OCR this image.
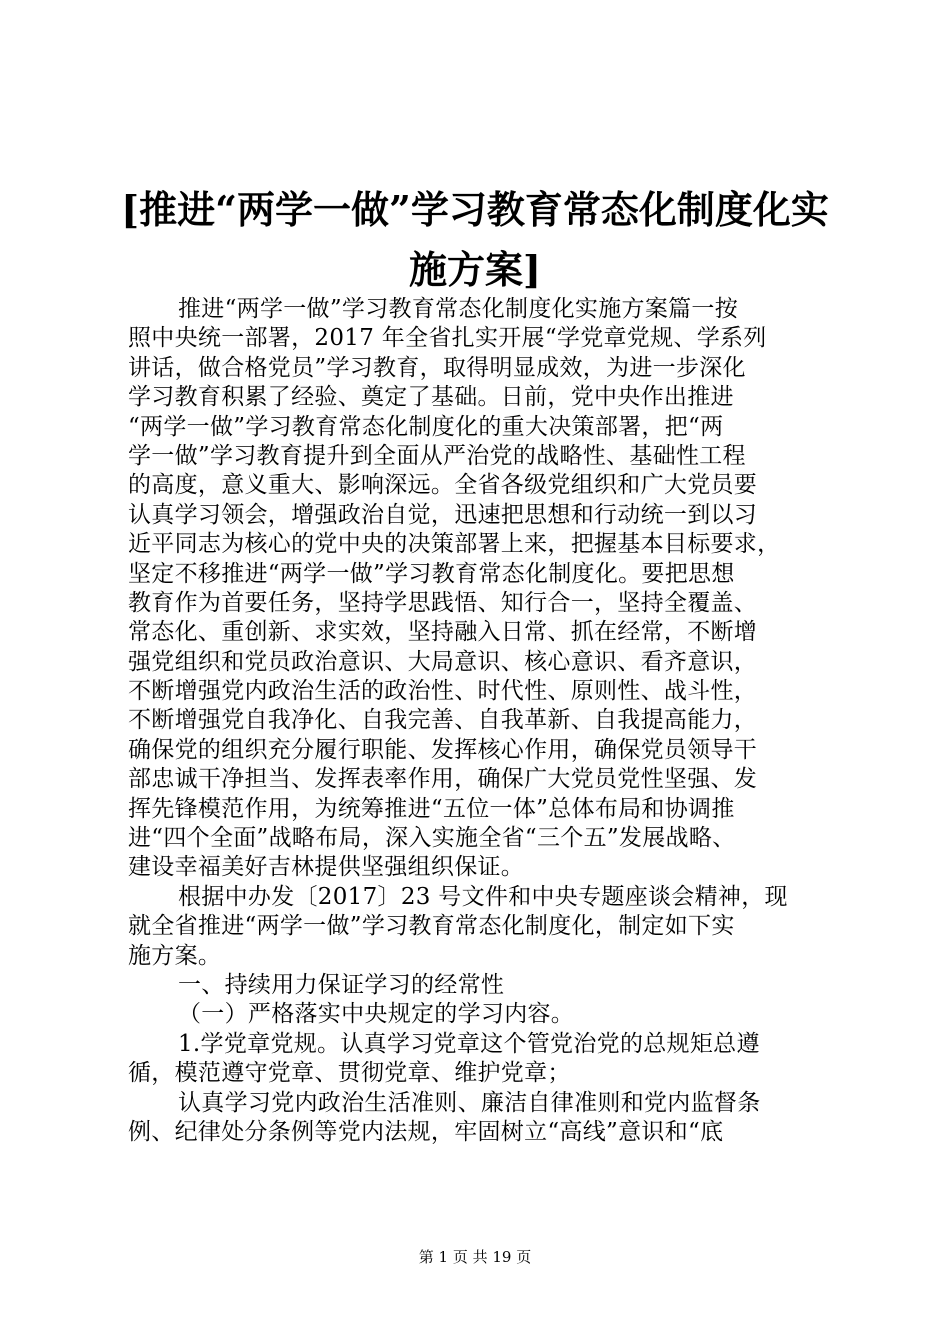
[推进“两学一做”学习教育常态化制度化实
施方案]
推进“两学一做”学习教育常态化制度化实施方案篇一按
照中央统一部署，2017 年全省扎实开展“学党章党规、学系列
讲话，做合格党员”学习教育，取得明显成效，为进一步深化
学习教育积累了经验、奠定了基础。日前，党中央作出推进
“两学一做”学习教育常态化制度化的重大决策部署，把“两
学一做”学习教育提升到全面从严治党的战略性、基础性工程
的高度，意义重大、影响深远。全省各级党组织和广大党员要
认真学习领会，增强政治自觉，迅速把思想和行动统一到以习
近平同志为核心的党中央的决策部署上来，把握基本目标要求，
坚定不移推进“两学一做”学习教育常态化制度化。要把思想
教育作为首要任务，坚持学思践悟、知行合一，坚持全覆盖、
常态化、重创新、求实效，坚持融入日常、抓在经常，不断增
强党组织和党员政治意识、大局意识、核心意识、看齐意识，
不断增强党内政治生活的政治性、时代性、原则性、战斗性，
不断增强党自我净化、自我完善、自我革新、自我提高能力，
确保党的组织充分履行职能、发挥核心作用，确保党员领导干
部忠诚干净担当、发挥表率作用，确保广大党员党性坚强、发
挥先锋模范作用，为统筹推进“五位一体”总体布局和协调推
进“四个全面”战略布局，深入实施全省“三个五”发展战略、
建设幸福美好吉林提供坚强组织保证。
根据中办发〔2017〕23 号文件和中央专题座谈会精神，现
就全省推进“两学一做”学习教育常态化制度化，制定如下实
施方案。
一、持续用力保证学习的经常性
（一）严格落实中央规定的学习内容。
1.学党章党规。认真学习党章这个管党治党的总规矩总遵
循，模范遵守党章、贯彻党章、维护党章；
认真学习党内政治生活准则、廉洁自律准则和党内监督条
例、纪律处分条例等党内法规，牢固树立“高线”意识和“底
第 1 页 共 19 页
